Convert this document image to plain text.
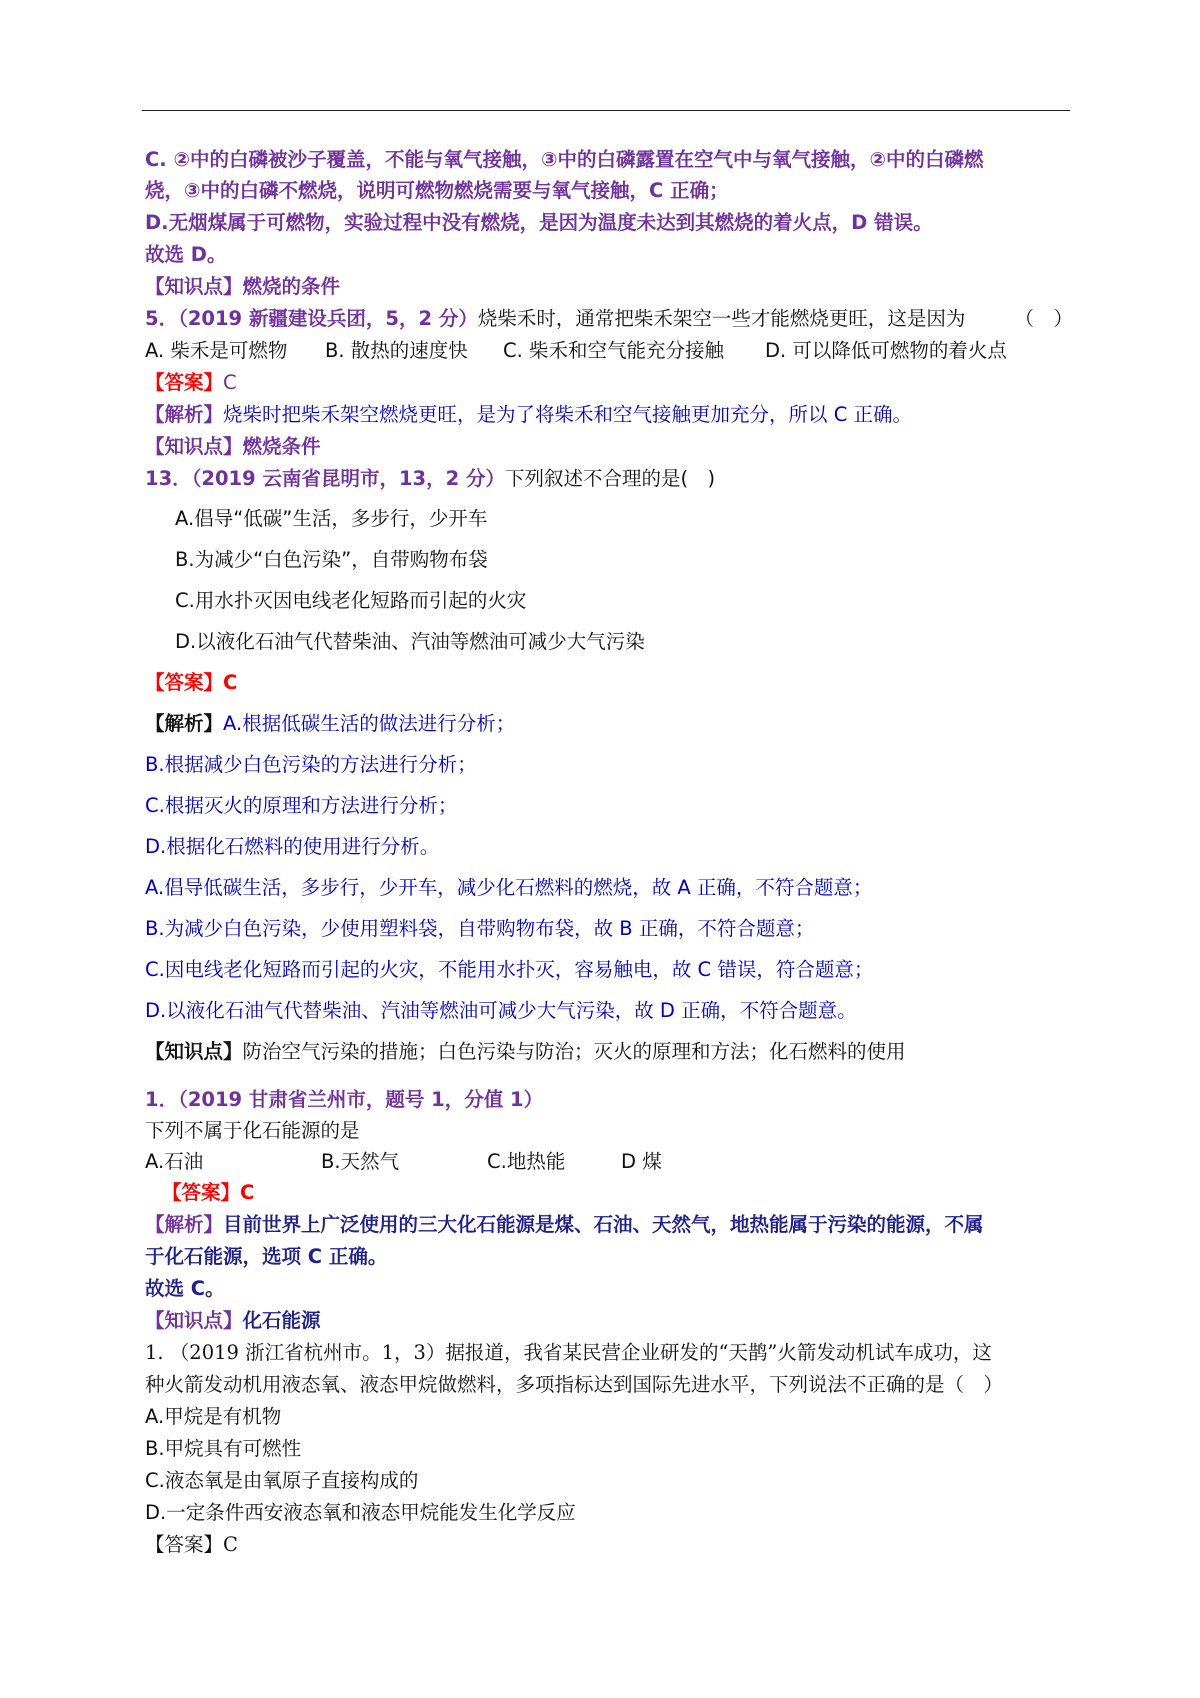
C. ②中的白磷被沙子覆盖，不能与氧气接触，③中的白磷露置在空气中与氧气接触，②中的白磷燃
烧，③中的白磷不燃烧，说明可燃物燃烧需要与氧气接触，C 正确；
D.无烟煤属于可燃物，实验过程中没有燃烧，是因为温度未达到其燃烧的着火点，D 错误。
故选 D。
【知识点】燃烧的条件
5．（2019 新疆建设兵团，5，2 分）烧柴禾时，通常把柴禾架空一些才能燃烧更旺，这是因为	（　）
A. 柴禾是可燃物	B. 散热的速度快	C. 柴禾和空气能充分接触	D. 可以降低可燃物的着火点
【答案】C
【解析】烧柴时把柴禾架空燃烧更旺，是为了将柴禾和空气接触更加充分，所以 C 正确。
【知识点】燃烧条件
13．（2019 云南省昆明市，13，2 分）下列叙述不合理的是(　)
A.倡导“低碳”生活，多步行，少开车
B.为减少“白色污染”，自带购物布袋
C.用水扑灭因电线老化短路而引起的火灾
D.以液化石油气代替柴油、汽油等燃油可减少大气污染
【答案】C
【解析】A.根据低碳生活的做法进行分析；
B.根据减少白色污染的方法进行分析；
C.根据灭火的原理和方法进行分析；
D.根据化石燃料的使用进行分析。
A.倡导低碳生活，多步行，少开车，减少化石燃料的燃烧，故 A 正确，不符合题意；
B.为减少白色污染，少使用塑料袋，自带购物布袋，故 B 正确，不符合题意；
C.因电线老化短路而引起的火灾，不能用水扑灭，容易触电，故 C 错误，符合题意；
D.以液化石油气代替柴油、汽油等燃油可减少大气污染，故 D 正确，不符合题意。
【知识点】防治空气污染的措施；白色污染与防治；灭火的原理和方法；化石燃料的使用
1．（2019 甘肃省兰州市，题号 1，分值 1）
下列不属于化石能源的是
A.石油	B.天然气	C.地热能	D 煤
【答案】C
【解析】目前世界上广泛使用的三大化石能源是煤、石油、天然气，地热能属于污染的能源，不属
于化石能源，选项 C 正确。
故选 C。
【知识点】化石能源
1. （2019 浙江省杭州市。1，3）据报道，我省某民营企业研发的“天鹊”火箭发动机试车成功，这
种火箭发动机用液态氧、液态甲烷做燃料，多项指标达到国际先进水平，下列说法不正确的是（　）
A.甲烷是有机物
B.甲烷具有可燃性
C.液态氧是由氧原子直接构成的
D.一定条件西安液态氧和液态甲烷能发生化学反应
【答案】C
